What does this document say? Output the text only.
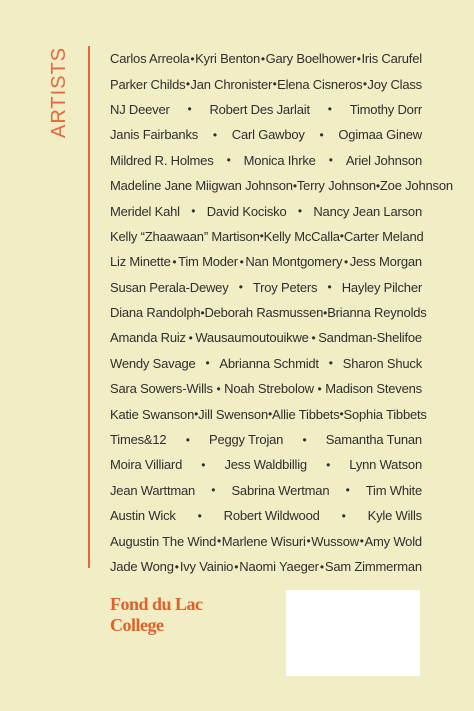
ARTISTS	Carlos Arreola • Kyri Benton • Gary Boelhower • Iris Carufel
Parker Childs • Jan Chronister • Elena Cisneros • Joy Class
NJ Deever • Robert Des Jarlait • Timothy Dorr
Janis Fairbanks • Carl Gawboy • Ogimaa Ginew
Mildred R. Holmes • Monica Ihrke • Ariel Johnson
Madeline Jane Miigwan Johnson • Terry Johnson • Zoe Johnson
Meridel Kahl • David Kocisko • Nancy Jean Larson
Kelly “Zhaawaan” Martison • Kelly McCalla • Carter Meland
Liz Minette • Tim Moder • Nan Montgomery • Jess Morgan
Susan Perala-Dewey • Troy Peters • Hayley Pilcher
Diana Randolph • Deborah Rasmussen • Brianna Reynolds
Amanda Ruiz • Wausaumoutouikwe • Sandman-Shelifoe
Wendy Savage • Abrianna Schmidt • Sharon Shuck
Sara Sowers-Wills • Noah Strebolow • Madison Stevens
Katie Swanson • Jill Swenson • Allie Tibbets • Sophia Tibbets
Times&12 • Peggy Trojan • Samantha Tunan
Moira Villiard • Jess Waldbillig • Lynn Watson
Jean Warttman • Sabrina Wertman • Tim White
Austin Wick • Robert Wildwood • Kyle Wills
Augustin The Wind • Marlene Wisuri • Wussow • Amy Wold
Jade Wong • Ivy Vainio • Naomi Yaeger • Sam Zimmerman
Fond du Lac College
